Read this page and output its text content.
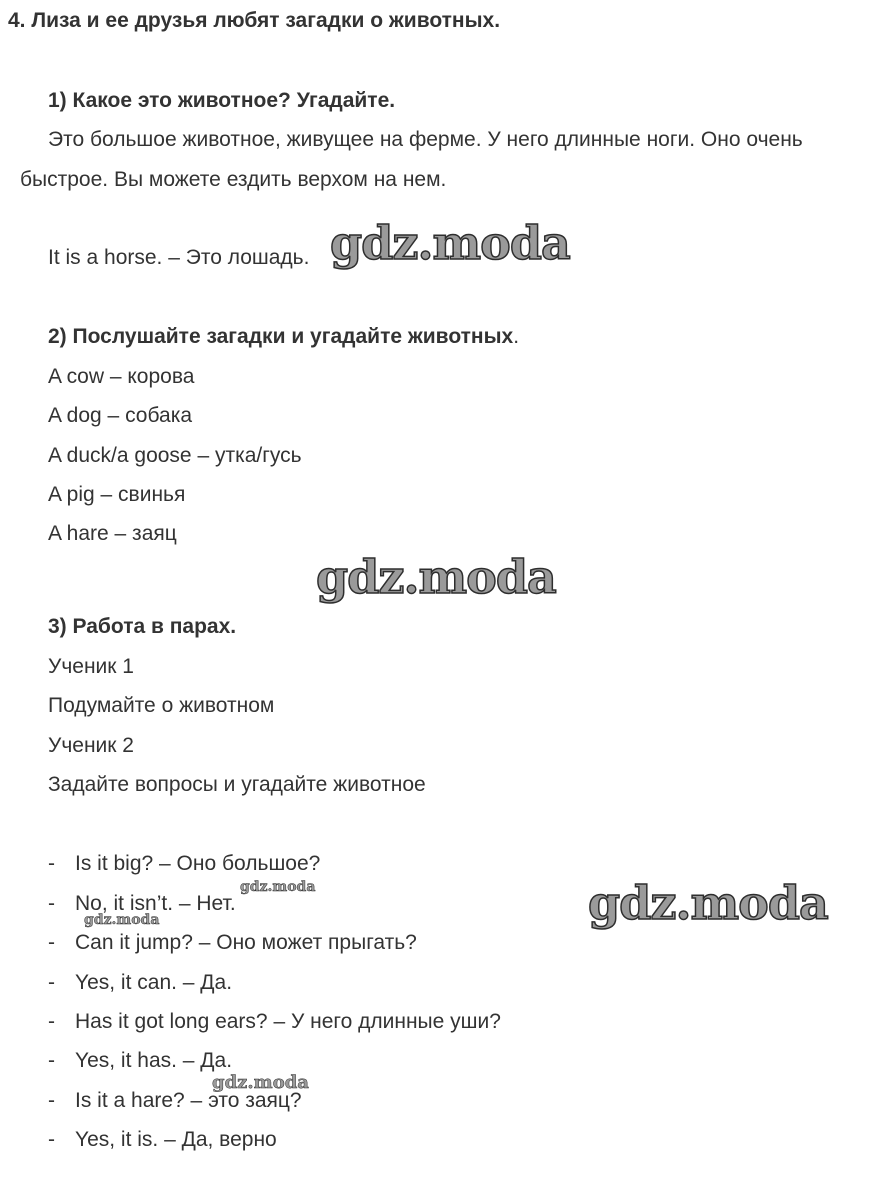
4. Лиза и ее друзья любят загадки о животных.
1) Какое это животное? Угадайте.
Это большое животное, живущее на ферме. У него длинные ноги. Оно очень
быстрое. Вы можете ездить верхом на нем.
It is a horse. – Это лошадь.
2) Послушайте загадки и угадайте животных.
A cow – корова
A dog – собака
A duck/a goose – утка/гусь
A pig – свинья
A hare – заяц
3) Работа в парах.
Ученик 1
Подумайте о животном
Ученик 2
Задайте вопросы и угадайте животное
- Is it big? – Оно большое?
- No, it isn’t. – Нет.
- Can it jump? – Оно может прыгать?
- Yes, it can. – Да.
- Has it got long ears? – У него длинные уши?
- Yes, it has. – Да.
- Is it a hare? – это заяц?
- Yes, it is. – Да, верно
gdz.moda
gdz.moda
gdz.moda
gdz.moda
gdz.moda
gdz.moda
